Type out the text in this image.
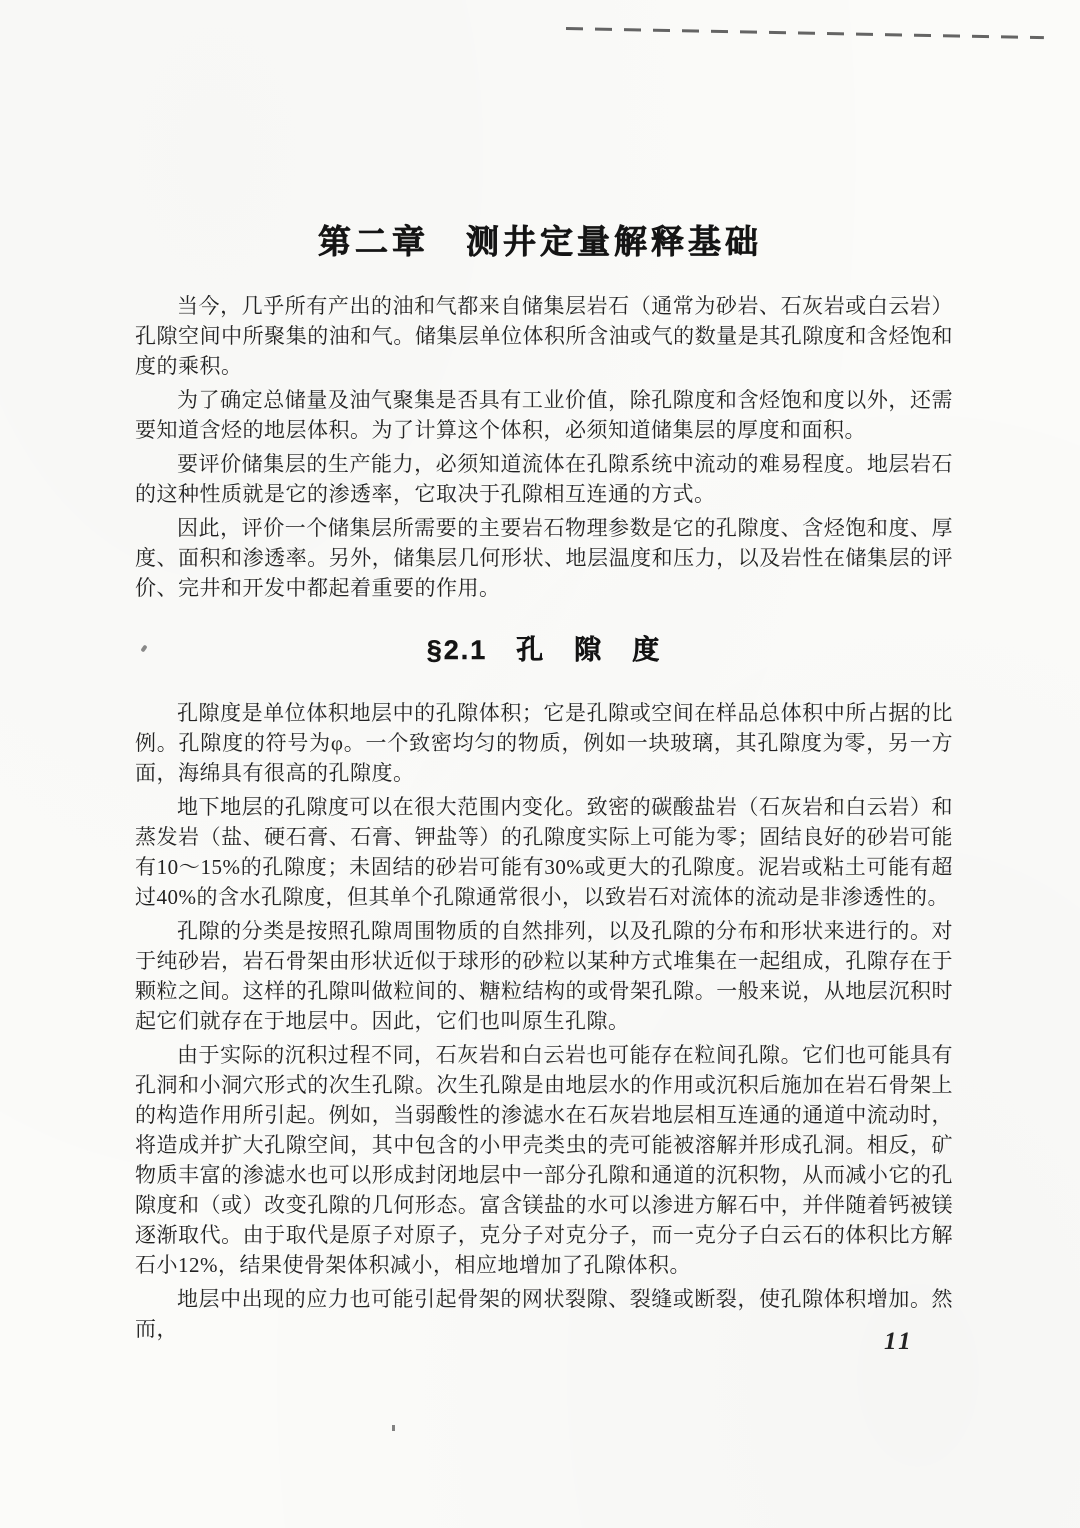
第二章　测井定量解释基础

当今，几乎所有产出的油和气都来自储集层岩石（通常为砂岩、石灰岩或白云岩）孔隙空间中所聚集的油和气。储集层单位体积所含油或气的数量是其孔隙度和含烃饱和度的乘积。

为了确定总储量及油气聚集是否具有工业价值，除孔隙度和含烃饱和度以外，还需要知道含烃的地层体积。为了计算这个体积，必须知道储集层的厚度和面积。

要评价储集层的生产能力，必须知道流体在孔隙系统中流动的难易程度。地层岩石的这种性质就是它的渗透率，它取决于孔隙相互连通的方式。

因此，评价一个储集层所需要的主要岩石物理参数是它的孔隙度、含烃饱和度、厚度、面积和渗透率。另外，储集层几何形状、地层温度和压力，以及岩性在储集层的评价、完井和开发中都起着重要的作用。

§2.1　孔　隙　度

孔隙度是单位体积地层中的孔隙体积；它是孔隙或空间在样品总体积中所占据的比例。孔隙度的符号为φ。一个致密均匀的物质，例如一块玻璃，其孔隙度为零，另一方面，海绵具有很高的孔隙度。

地下地层的孔隙度可以在很大范围内变化。致密的碳酸盐岩（石灰岩和白云岩）和蒸发岩（盐、硬石膏、石膏、钾盐等）的孔隙度实际上可能为零；固结良好的砂岩可能有10～15%的孔隙度；未固结的砂岩可能有30%或更大的孔隙度。泥岩或粘土可能有超过40%的含水孔隙度，但其单个孔隙通常很小，以致岩石对流体的流动是非渗透性的。

孔隙的分类是按照孔隙周围物质的自然排列，以及孔隙的分布和形状来进行的。对于纯砂岩，岩石骨架由形状近似于球形的砂粒以某种方式堆集在一起组成，孔隙存在于颗粒之间。这样的孔隙叫做粒间的、糖粒结构的或骨架孔隙。一般来说，从地层沉积时起它们就存在于地层中。因此，它们也叫原生孔隙。

由于实际的沉积过程不同，石灰岩和白云岩也可能存在粒间孔隙。它们也可能具有孔洞和小洞穴形式的次生孔隙。次生孔隙是由地层水的作用或沉积后施加在岩石骨架上的构造作用所引起。例如，当弱酸性的渗滤水在石灰岩地层相互连通的通道中流动时，将造成并扩大孔隙空间，其中包含的小甲壳类虫的壳可能被溶解并形成孔洞。相反，矿物质丰富的渗滤水也可以形成封闭地层中一部分孔隙和通道的沉积物，从而减小它的孔隙度和（或）改变孔隙的几何形态。富含镁盐的水可以渗进方解石中，并伴随着钙被镁逐渐取代。由于取代是原子对原子，克分子对克分子，而一克分子白云石的体积比方解石小12%，结果使骨架体积减小，相应地增加了孔隙体积。

地层中出现的应力也可能引起骨架的网状裂隙、裂缝或断裂，使孔隙体积增加。然而，	11
